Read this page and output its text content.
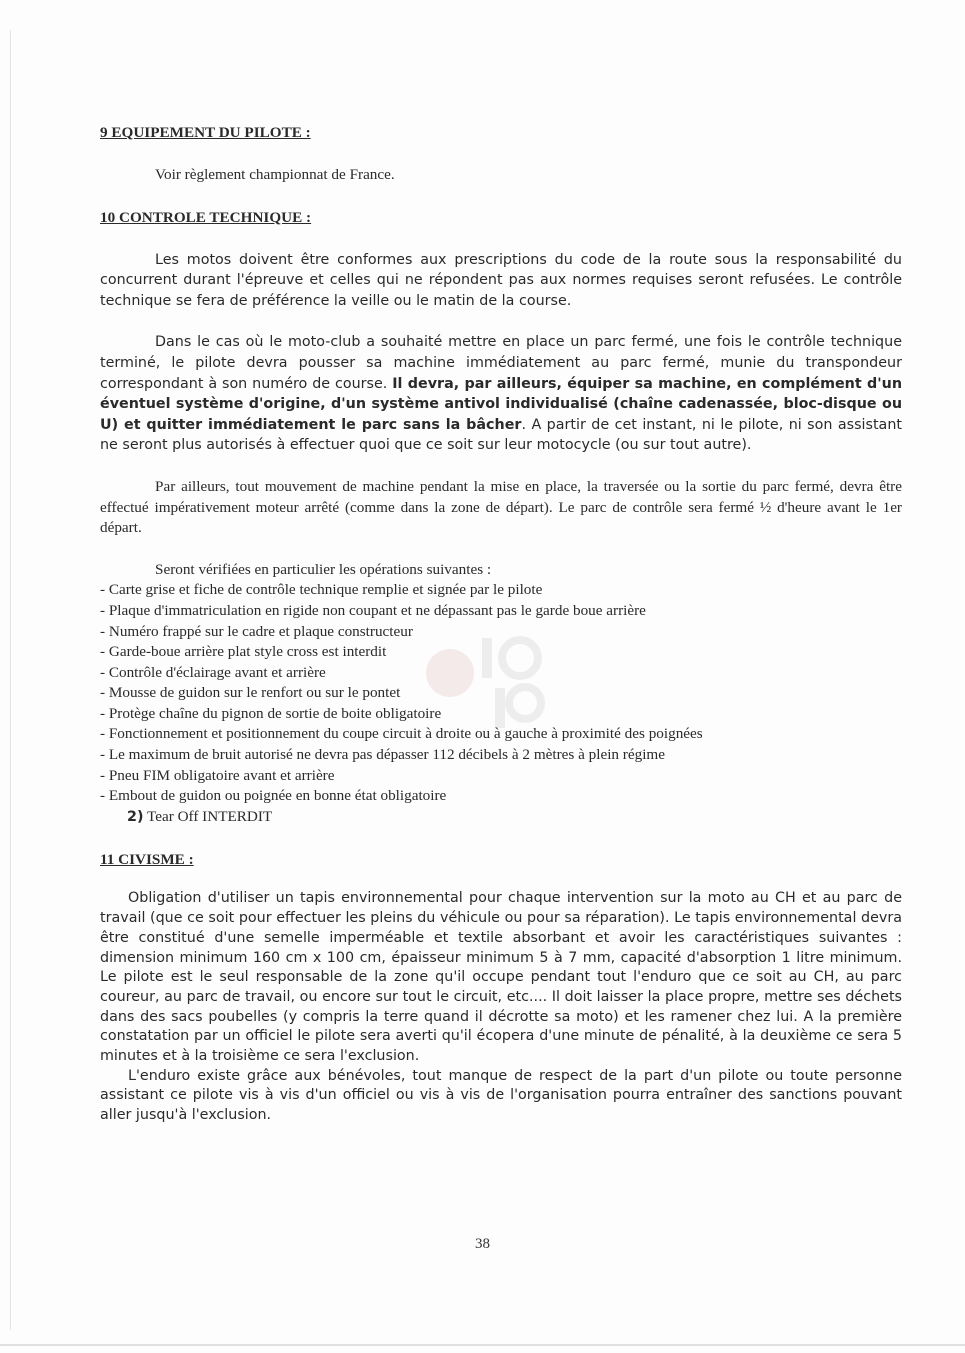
9 EQUIPEMENT DU PILOTE :

Voir règlement championnat de France.

10 CONTROLE TECHNIQUE :

Les motos doivent être conformes aux prescriptions du code de la route sous la responsabilité du concurrent durant l'épreuve et celles qui ne répondent pas aux normes requises seront refusées. Le contrôle technique se fera de préférence la veille ou le matin de la course.

Dans le cas où le moto-club a souhaité mettre en place un parc fermé, une fois le contrôle technique terminé, le pilote devra pousser sa machine immédiatement au parc fermé, munie du transpondeur correspondant à son numéro de course. Il devra, par ailleurs, équiper sa machine, en complément d'un éventuel système d'origine, d'un système antivol individualisé (chaîne cadenassée, bloc-disque ou U) et quitter immédiatement le parc sans la bâcher. A partir de cet instant, ni le pilote, ni son assistant ne seront plus autorisés à effectuer quoi que ce soit sur leur motocycle (ou sur tout autre).

Par ailleurs, tout mouvement de machine pendant la mise en place, la traversée ou la sortie du parc fermé, devra être effectué impérativement moteur arrêté (comme dans la zone de départ). Le parc de contrôle sera fermé ½ d'heure avant le 1er départ.

Seront vérifiées en particulier les opérations suivantes :

- Carte grise et fiche de contrôle technique remplie et signée par le pilote
- Plaque d'immatriculation en rigide non coupant et ne dépassant pas le garde boue arrière
- Numéro frappé sur le cadre et plaque constructeur
- Garde-boue arrière plat style cross est interdit
- Contrôle d'éclairage avant et arrière
- Mousse de guidon sur le renfort ou sur le pontet
- Protège chaîne du pignon de sortie de boite obligatoire
- Fonctionnement et positionnement du coupe circuit à droite ou à gauche à proximité des poignées
- Le maximum de bruit autorisé ne devra pas dépasser 112 décibels à 2 mètres à plein régime
- Pneu FIM obligatoire avant et arrière
- Embout de guidon ou poignée en bonne état obligatoire

2) Tear Off INTERDIT

11 CIVISME :

Obligation d'utiliser un tapis environnemental pour chaque intervention sur la moto au CH et au parc de travail (que ce soit pour effectuer les pleins du véhicule ou pour sa réparation). Le tapis environnemental devra être constitué d'une semelle imperméable et textile absorbant et avoir les caractéristiques suivantes : dimension minimum 160 cm x 100 cm, épaisseur minimum 5 à 7 mm, capacité d'absorption 1 litre minimum. Le pilote est le seul responsable de la zone qu'il occupe pendant tout l'enduro que ce soit au CH, au parc coureur, au parc de travail, ou encore sur tout le circuit, etc.... Il doit laisser la place propre, mettre ses déchets dans des sacs poubelles (y compris la terre quand il décrotte sa moto) et les ramener chez lui. A la première constatation par un officiel le pilote sera averti qu'il écopera d'une minute de pénalité, à la deuxième ce sera 5 minutes et à la troisième ce sera l'exclusion.

L'enduro existe grâce aux bénévoles, tout manque de respect de la part d'un pilote ou toute personne assistant ce pilote vis à vis d'un officiel ou vis à vis de l'organisation pourra entraîner des sanctions pouvant aller jusqu'à l'exclusion.

38
